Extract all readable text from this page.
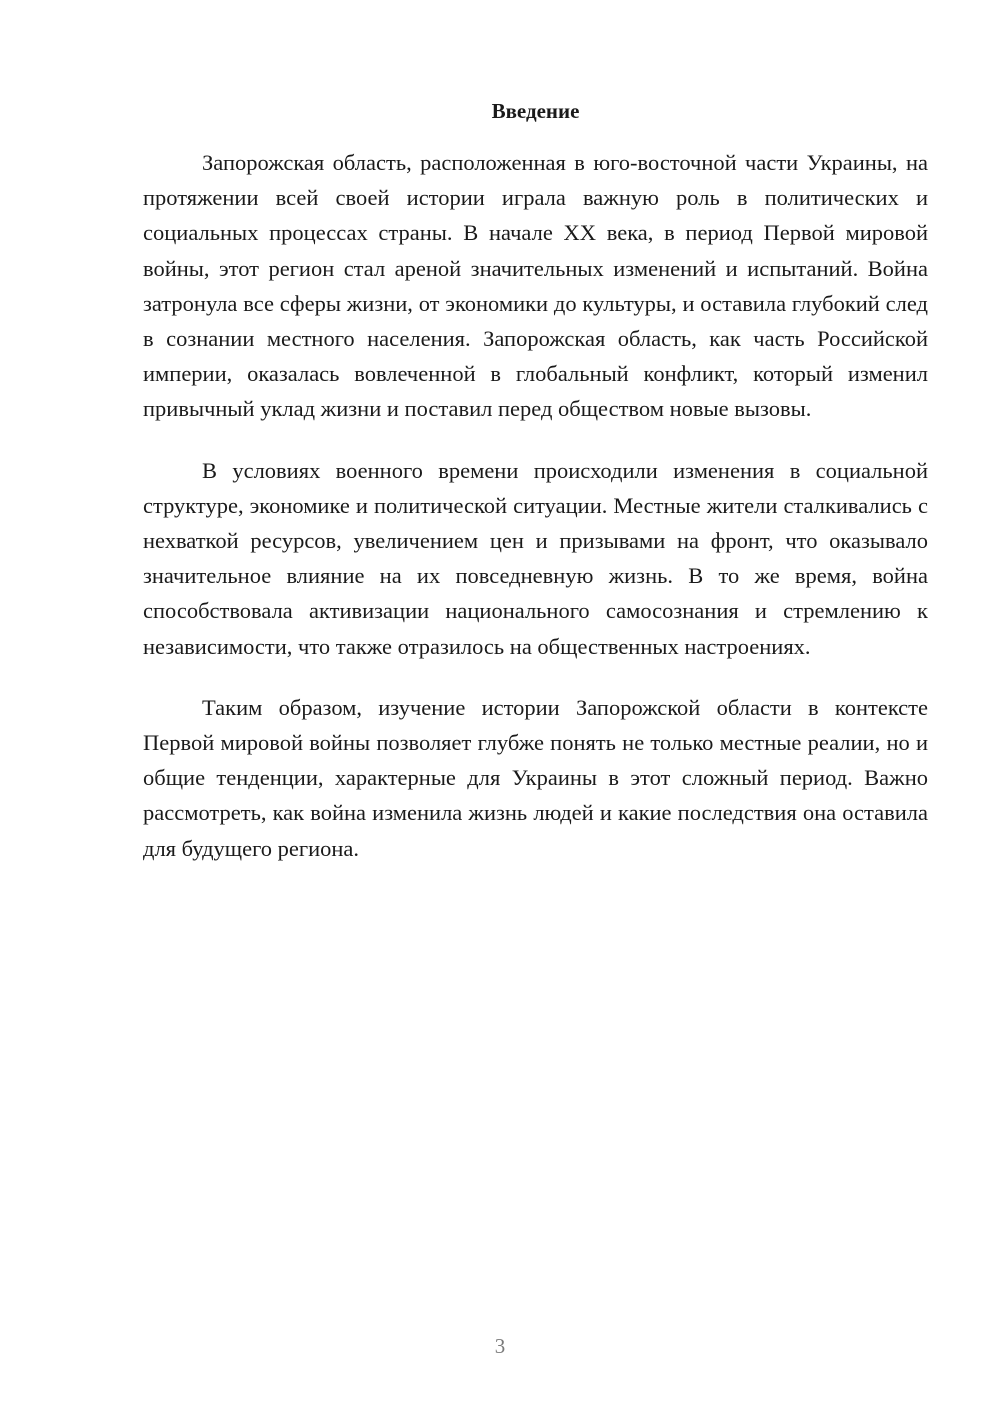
Введение

Запорожская область, расположенная в юго-восточной части Украины, на протяжении всей своей истории играла важную роль в политических и социальных процессах страны. В начале XX века, в период Первой мировой войны, этот регион стал ареной значительных изменений и испытаний. Война затронула все сферы жизни, от экономики до культуры, и оставила глубокий след в сознании местного населения. Запорожская область, как часть Российской империи, оказалась вовлеченной в глобальный конфликт, который изменил привычный уклад жизни и поставил перед обществом новые вызовы.

В условиях военного времени происходили изменения в социальной структуре, экономике и политической ситуации. Местные жители сталкивались с нехваткой ресурсов, увеличением цен и призывами на фронт, что оказывало значительное влияние на их повседневную жизнь. В то же время, война способствовала активизации национального самосознания и стремлению к независимости, что также отразилось на общественных настроениях.

Таким образом, изучение истории Запорожской области в контексте Первой мировой войны позволяет глубже понять не только местные реалии, но и общие тенденции, характерные для Украины в этот сложный период. Важно рассмотреть, как война изменила жизнь людей и какие последствия она оставила для будущего региона.

3
